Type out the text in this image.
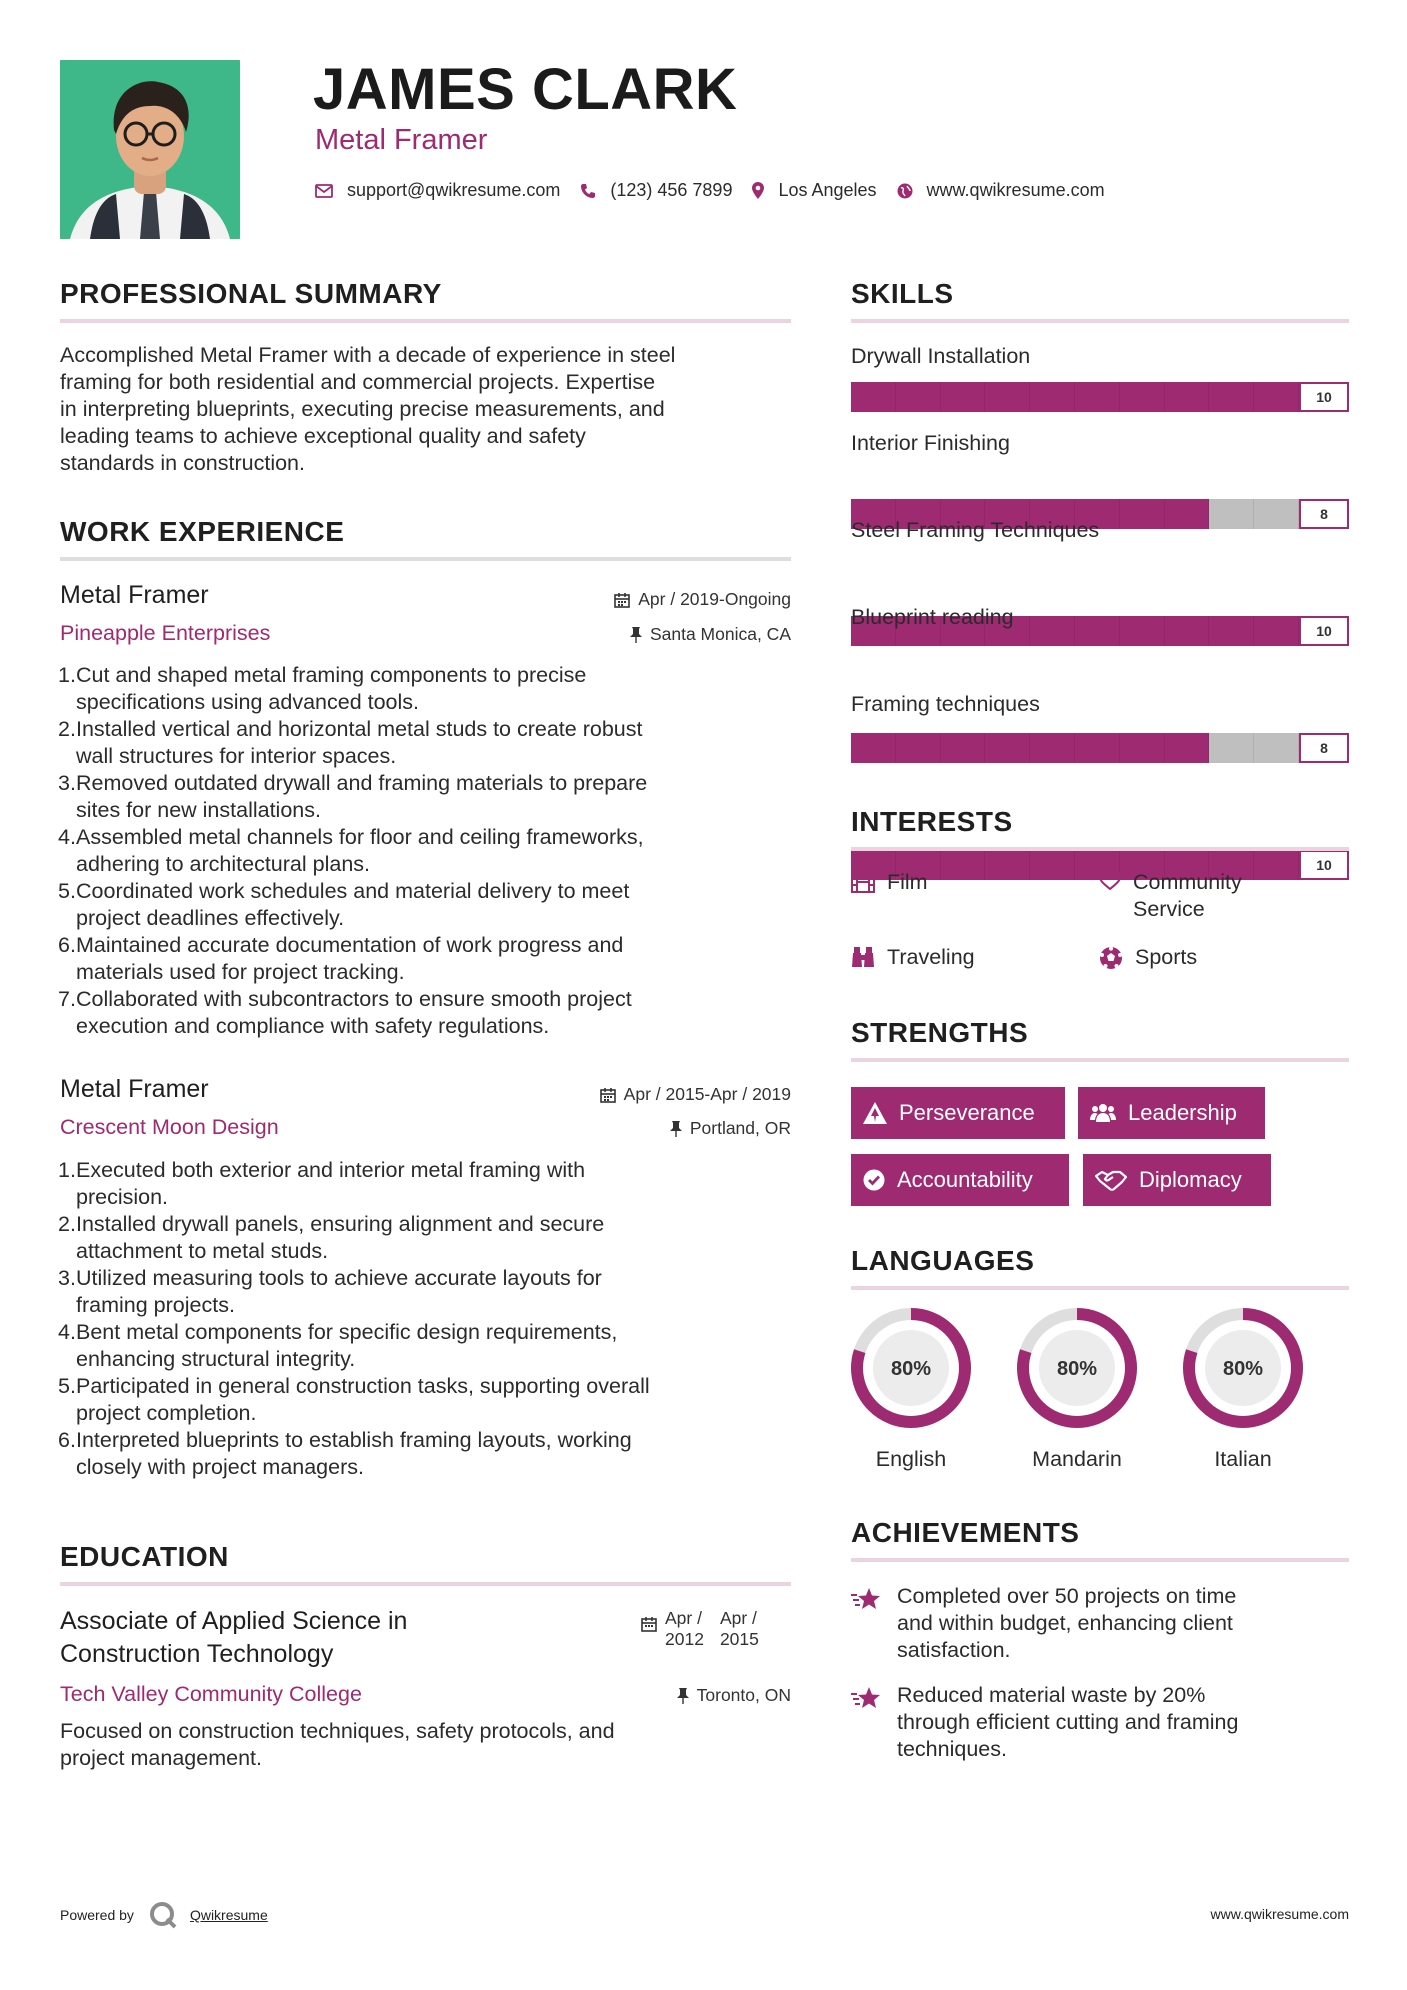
JAMES CLARK
Metal Framer
support@qwikresume.com	(123) 456 7899	Los Angeles	www.qwikresume.com
PROFESSIONAL SUMMARY
Accomplished Metal Framer with a decade of experience in steel
framing for both residential and commercial projects. Expertise
in interpreting blueprints, executing precise measurements, and
leading teams to achieve exceptional quality and safety
standards in construction.
WORK EXPERIENCE
Metal Framer
Pineapple Enterprises
Apr / 2019-Ongoing
Santa Monica, CA
1. Cut and shaped metal framing components to precise
specifications using advanced tools.
2. Installed vertical and horizontal metal studs to create robust
wall structures for interior spaces.
3. Removed outdated drywall and framing materials to prepare
sites for new installations.
4. Assembled metal channels for floor and ceiling frameworks,
adhering to architectural plans.
5. Coordinated work schedules and material delivery to meet
project deadlines effectively.
6. Maintained accurate documentation of work progress and
materials used for project tracking.
7. Collaborated with subcontractors to ensure smooth project
execution and compliance with safety regulations.
Metal Framer
Crescent Moon Design
Apr / 2015-Apr / 2019
Portland, OR
1. Executed both exterior and interior metal framing with
precision.
2. Installed drywall panels, ensuring alignment and secure
attachment to metal studs.
3. Utilized measuring tools to achieve accurate layouts for
framing projects.
4. Bent metal components for specific design requirements,
enhancing structural integrity.
5. Participated in general construction tasks, supporting overall
project completion.
6. Interpreted blueprints to establish framing layouts, working
closely with project managers.
EDUCATION
Associate of Applied Science in
Construction Technology
Tech Valley Community College
Apr /
2012
Apr /
2015
Toronto, ON
Focused on construction techniques, safety protocols, and
project management.
SKILLS
Drywall Installation
10
Interior Finishing
8
Steel Framing Techniques
10
Blueprint reading
8
Framing techniques
10
INTERESTS
Film	Community
Service
Traveling	Sports
STRENGTHS
Perseverance	Leadership
Accountability	Diplomacy
LANGUAGES
80%
English
80%
Mandarin
80%
Italian
ACHIEVEMENTS
Completed over 50 projects on time
and within budget, enhancing client
satisfaction.
Reduced material waste by 20%
through efficient cutting and framing
techniques.
Powered by	Qwikresume	www.qwikresume.com
